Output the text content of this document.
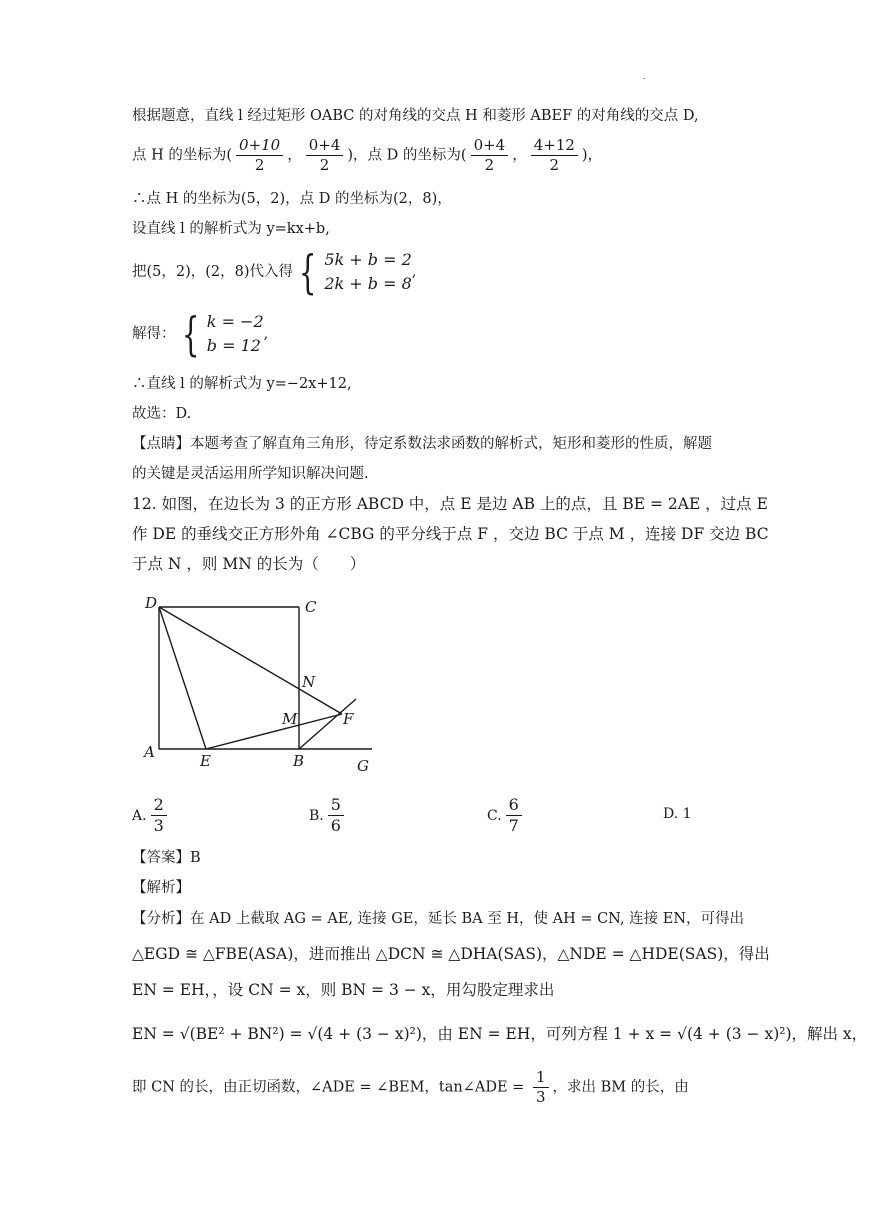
.
根据题意，直线 l 经过矩形 OABC 的对角线的交点 H 和菱形 ABEF 的对角线的交点 D,
点 H 的坐标为( $\frac{0+10}{2}$ ， $\frac{0+4}{2}$ )，点 D 的坐标为( $\frac{0+4}{2}$ ， $\frac{4+12}{2}$ )，
∴点 H 的坐标为(5，2)，点 D 的坐标为(2，8)，
设直线 l 的解析式为 y=kx+b,
把(5，2)，(2，8)代入得 { 5k + b = 2
2k + b = 8
,
解得： { k = −2
b = 12
,
∴直线 l 的解析式为 y=−2x+12,
故选：D.
【点睛】本题考查了解直角三角形，待定系数法求函数的解析式，矩形和菱形的性质，解题
的关键是灵活运用所学知识解决问题.
12. 如图，在边长为 3 的正方形 ABCD 中，点 E 是边 AB 上的点，且 BE = 2AE ，过点 E
作 DE 的垂线交正方形外角 ∠CBG 的平分线于点 F ，交边 BC 于点 M ，连接 DF 交边 BC
于点 N ，则 MN 的长为（　　）
D	C
N
M	F
A	E	B	G
A. $\frac{2}{3}$	B. $\frac{5}{6}$	C. $\frac{6}{7}$	D.
1
【答案】B
【解析】
【分析】在 AD 上截取 AG = AE, 连接 GE，延长 BA 至 H，使 AH = CN, 连接 EN，可得出
△EGD ≅ △FBE(ASA)，进而推出 △DCN ≅ △DHA(SAS)，△NDE = △HDE(SAS)，得出
EN = EH，，设 CN = x，则 BN = 3 − x，用勾股定理求出
EN = √(BE² + BN²) = √(4 + (3 − x)²)，由 EN = EH，可列方程 1 + x = √(4 + (3 − x)²)，解出 x，
即 CN 的长，由正切函数，∠ADE = ∠BEM，tan∠ADE = $\frac{1}{3}$ ，求出 BM 的长，由
